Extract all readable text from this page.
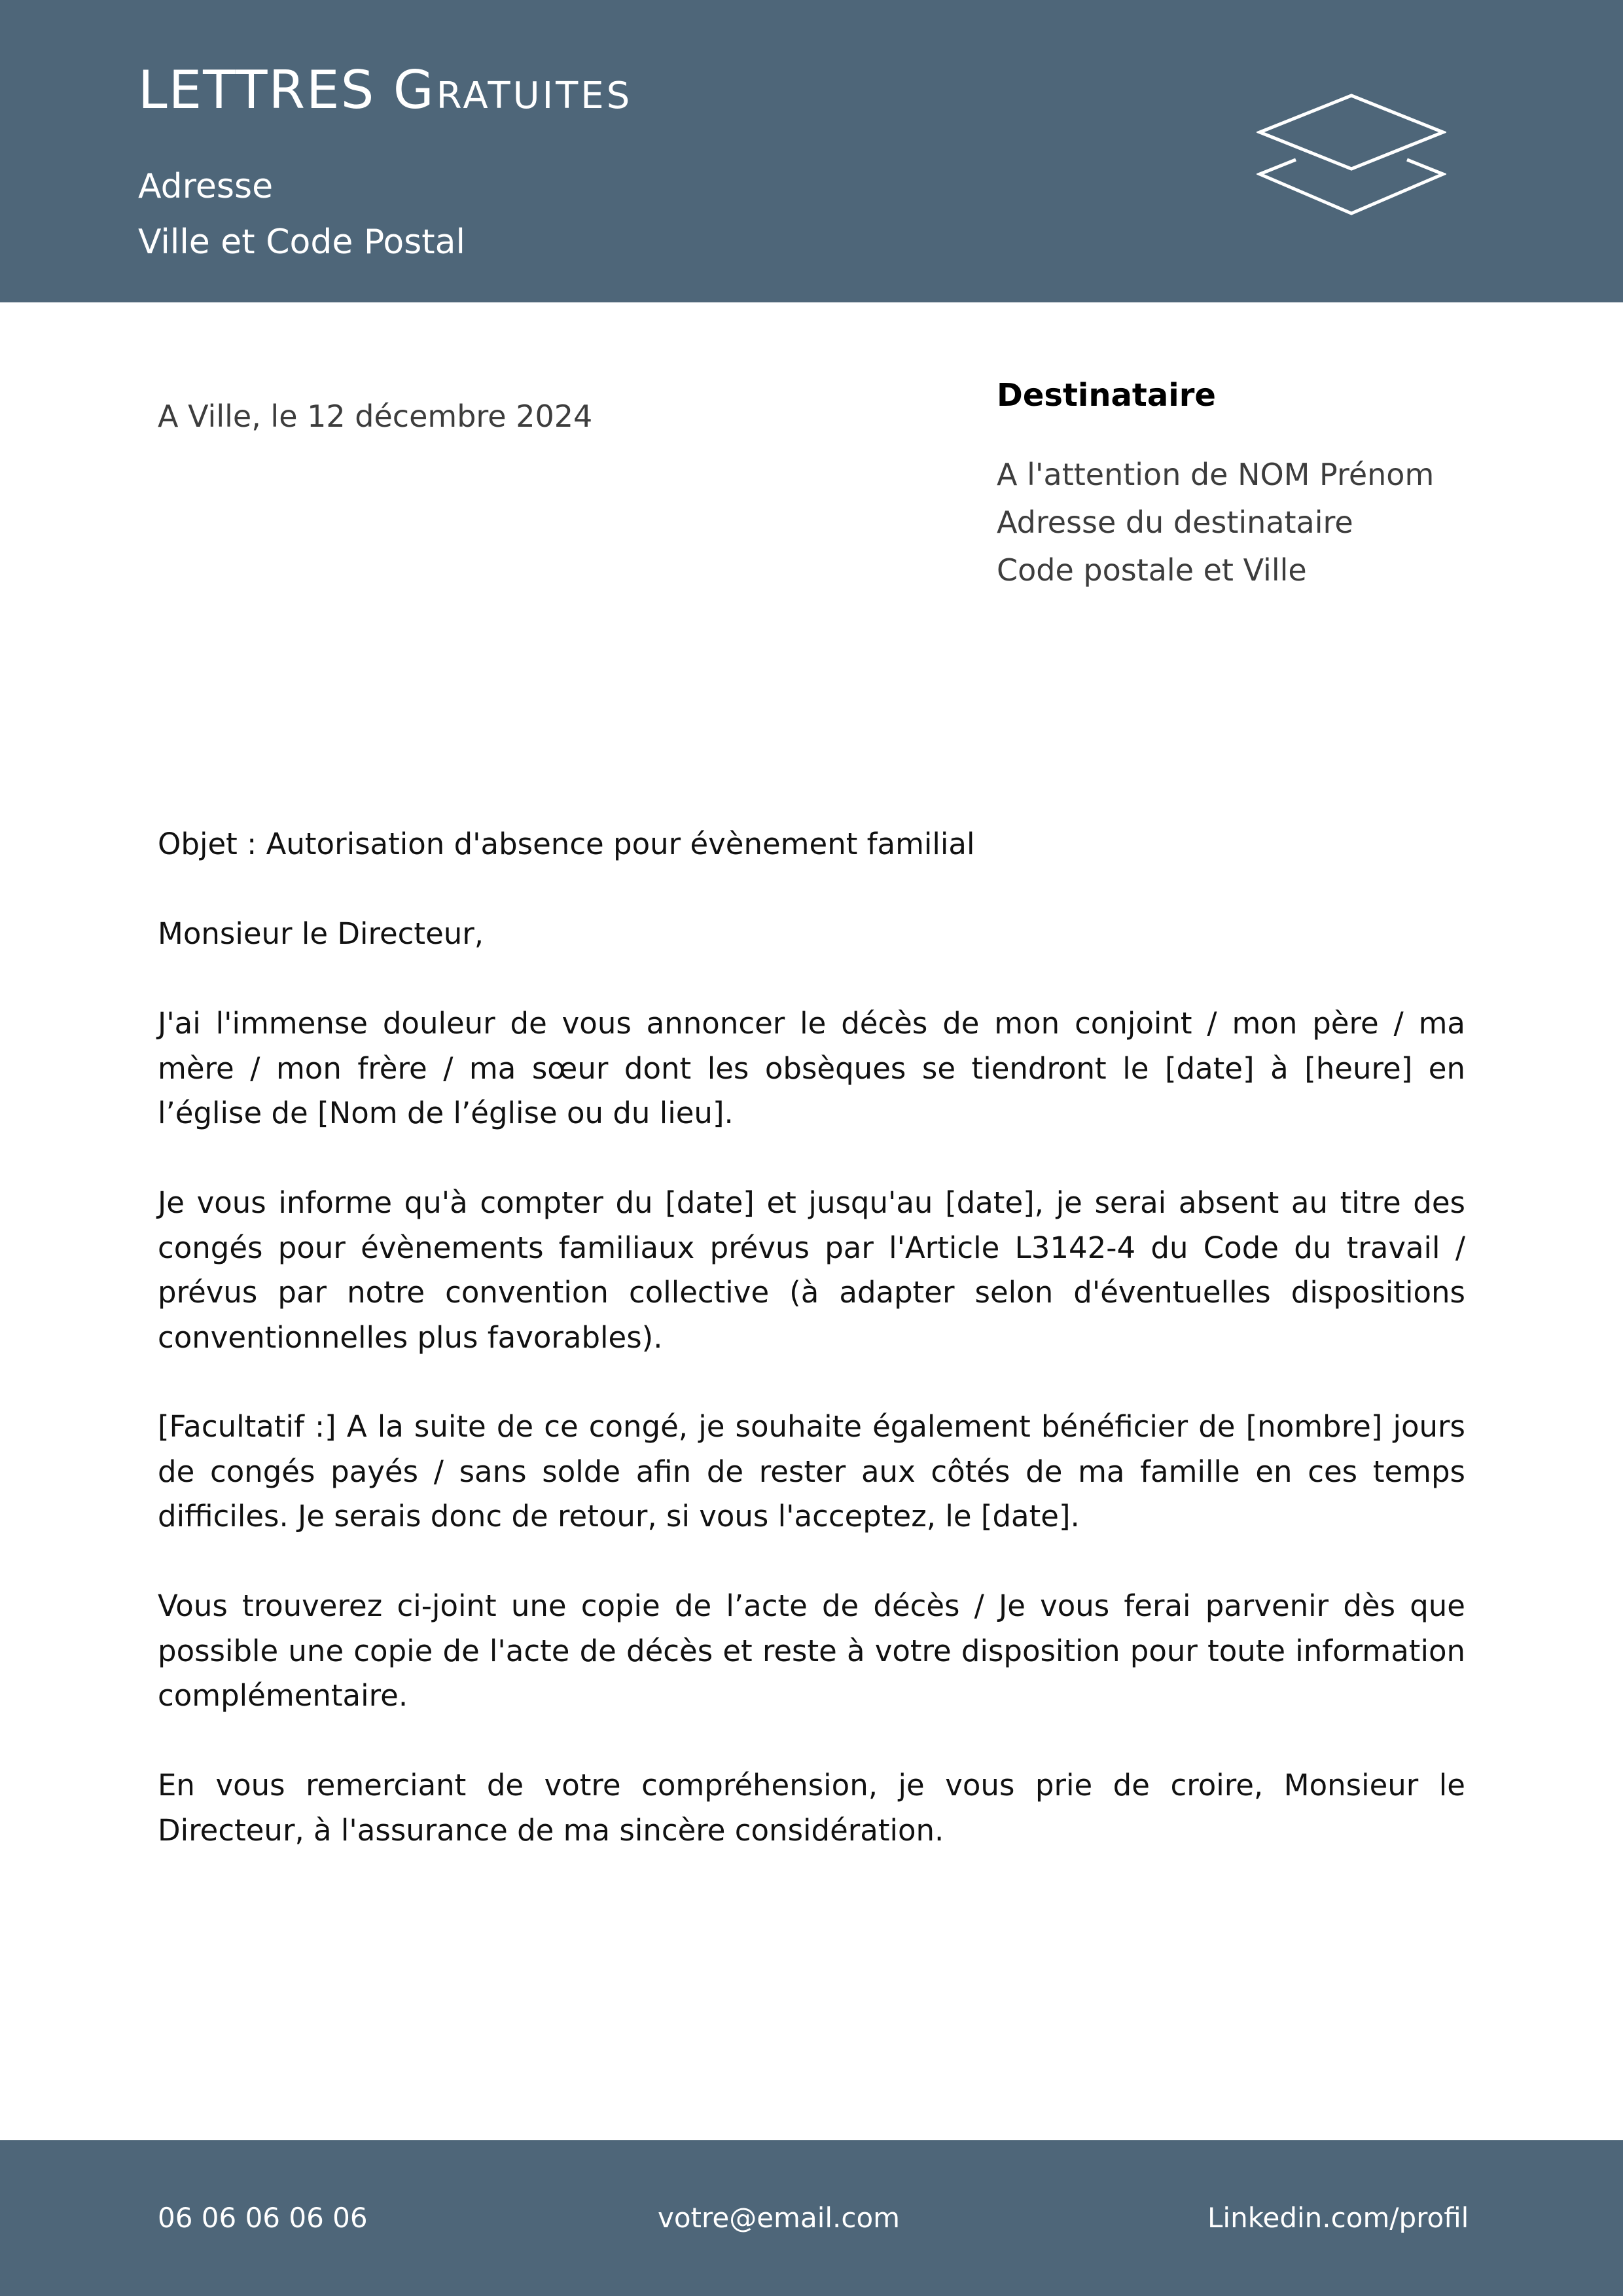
LETTRES Gratuites
Adresse
Ville et Code Postal
A Ville, le 12 décembre 2024
Destinataire
A l'attention de NOM Prénom
Adresse du destinataire
Code postale et Ville

Objet : Autorisation d'absence pour évènement familial

Monsieur le Directeur,

J'ai l'immense douleur de vous annoncer le décès de mon conjoint / mon père / ma mère / mon frère / ma sœur dont les obsèques se tiendront le [date] à [heure] en l’église de [Nom de l’église ou du lieu].

Je vous informe qu'à compter du [date] et jusqu'au [date], je serai absent au titre des congés pour évènements familiaux prévus par l'Article L3142-4 du Code du travail / prévus par notre convention collective (à adapter selon d'éventuelles dispositions conventionnelles plus favorables).

[Facultatif :] A la suite de ce congé, je souhaite également bénéficier de [nombre] jours de congés payés / sans solde afin de rester aux côtés de ma famille en ces temps difficiles. Je serais donc de retour, si vous l'acceptez, le [date].

Vous trouverez ci-joint une copie de l’acte de décès / Je vous ferai parvenir dès que possible une copie de l'acte de décès et reste à votre disposition pour toute information complémentaire.

En vous remerciant de votre compréhension, je vous prie de croire, Monsieur le Directeur, à l'assurance de ma sincère considération.

06 06 06 06 06	votre@email.com	Linkedin.com/profil
